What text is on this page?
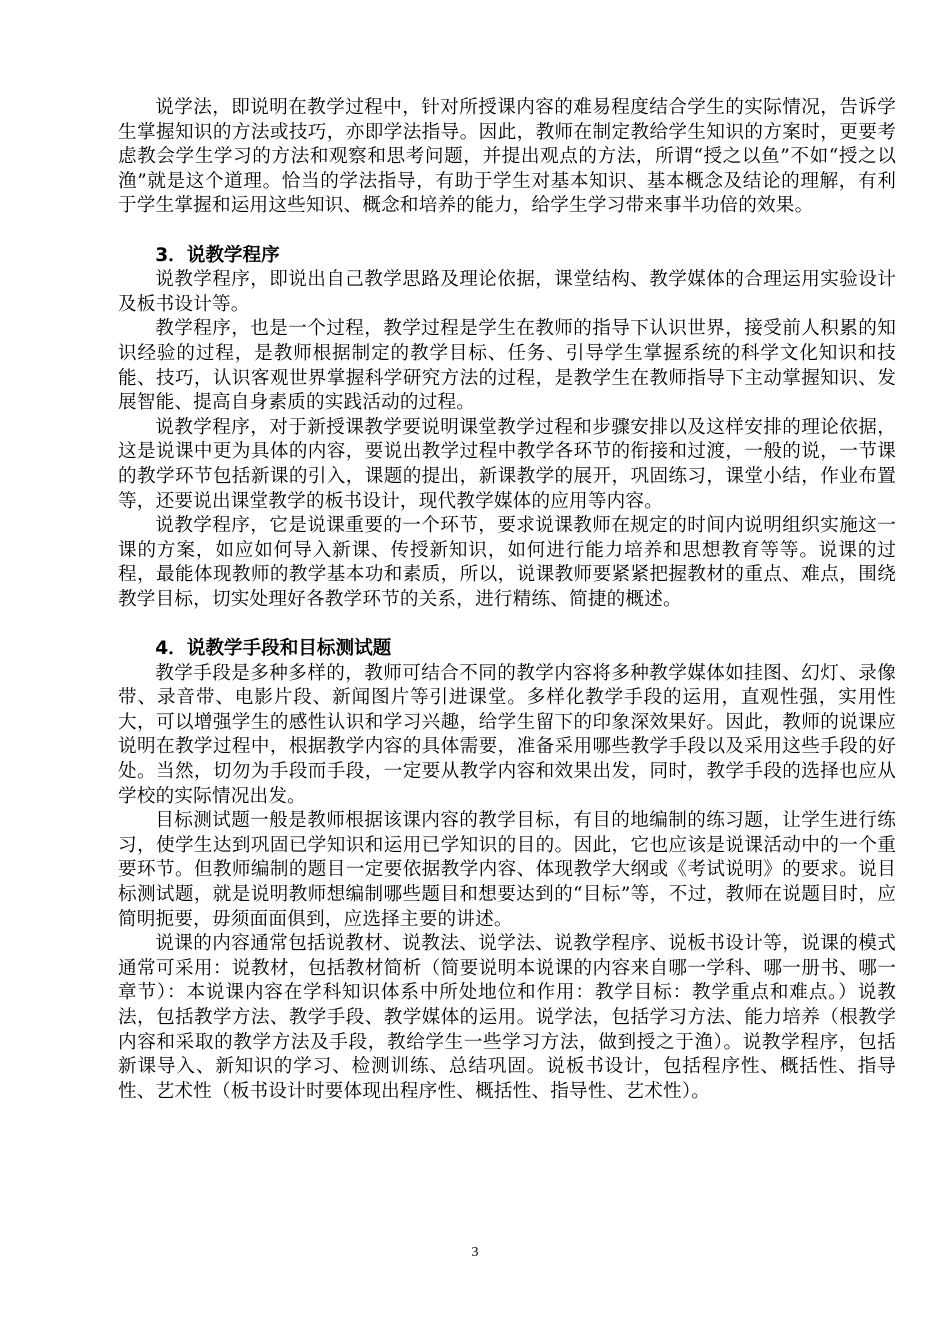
说学法，即说明在教学过程中，针对所授课内容的难易程度结合学生的实际情况，告诉学生掌握知识的方法或技巧，亦即学法指导。因此，教师在制定教给学生知识的方案时，更要考虑教会学生学习的方法和观察和思考问题，并提出观点的方法，所谓“授之以鱼”不如“授之以渔”就是这个道理。恰当的学法指导，有助于学生对基本知识、基本概念及结论的理解，有利于学生掌握和运用这些知识、概念和培养的能力，给学生学习带来事半功倍的效果。

3．说教学程序

说教学程序，即说出自己教学思路及理论依据，课堂结构、教学媒体的合理运用实验设计及板书设计等。

教学程序，也是一个过程，教学过程是学生在教师的指导下认识世界，接受前人积累的知识经验的过程，是教师根据制定的教学目标、任务、引导学生掌握系统的科学文化知识和技能、技巧，认识客观世界掌握科学研究方法的过程，是教学生在教师指导下主动掌握知识、发展智能、提高自身素质的实践活动的过程。

说教学程序，对于新授课教学要说明课堂教学过程和步骤安排以及这样安排的理论依据，这是说课中更为具体的内容，要说出教学过程中教学各环节的衔接和过渡，一般的说，一节课的教学环节包括新课的引入，课题的提出，新课教学的展开，巩固练习，课堂小结，作业布置等，还要说出课堂教学的板书设计，现代教学媒体的应用等内容。

说教学程序，它是说课重要的一个环节，要求说课教师在规定的时间内说明组织实施这一课的方案，如应如何导入新课、传授新知识，如何进行能力培养和思想教育等等。说课的过程，最能体现教师的教学基本功和素质，所以，说课教师要紧紧把握教材的重点、难点，围绕教学目标，切实处理好各教学环节的关系，进行精练、简捷的概述。

4．说教学手段和目标测试题

教学手段是多种多样的，教师可结合不同的教学内容将多种教学媒体如挂图、幻灯、录像带、录音带、电影片段、新闻图片等引进课堂。多样化教学手段的运用，直观性强，实用性大，可以增强学生的感性认识和学习兴趣，给学生留下的印象深效果好。因此，教师的说课应说明在教学过程中，根据教学内容的具体需要，准备采用哪些教学手段以及采用这些手段的好处。当然，切勿为手段而手段，一定要从教学内容和效果出发，同时，教学手段的选择也应从学校的实际情况出发。

目标测试题一般是教师根据该课内容的教学目标，有目的地编制的练习题，让学生进行练习，使学生达到巩固已学知识和运用已学知识的目的。因此，它也应该是说课活动中的一个重要环节。但教师编制的题目一定要依据教学内容、体现教学大纲或《考试说明》的要求。说目标测试题，就是说明教师想编制哪些题目和想要达到的“目标”等，不过，教师在说题目时，应简明扼要，毋须面面俱到，应选择主要的讲述。

说课的内容通常包括说教材、说教法、说学法、说教学程序、说板书设计等，说课的模式通常可采用：说教材，包括教材简析（简要说明本说课的内容来自哪一学科、哪一册书、哪一章节）：本说课内容在学科知识体系中所处地位和作用：教学目标：教学重点和难点。）说教法，包括教学方法、教学手段、教学媒体的运用。说学法，包括学习方法、能力培养（根教学内容和采取的教学方法及手段，教给学生一些学习方法，做到授之于渔）。说教学程序，包括新课导入、新知识的学习、检测训练、总结巩固。说板书设计，包括程序性、概括性、指导性、艺术性（板书设计时要体现出程序性、概括性、指导性、艺术性）。

3
